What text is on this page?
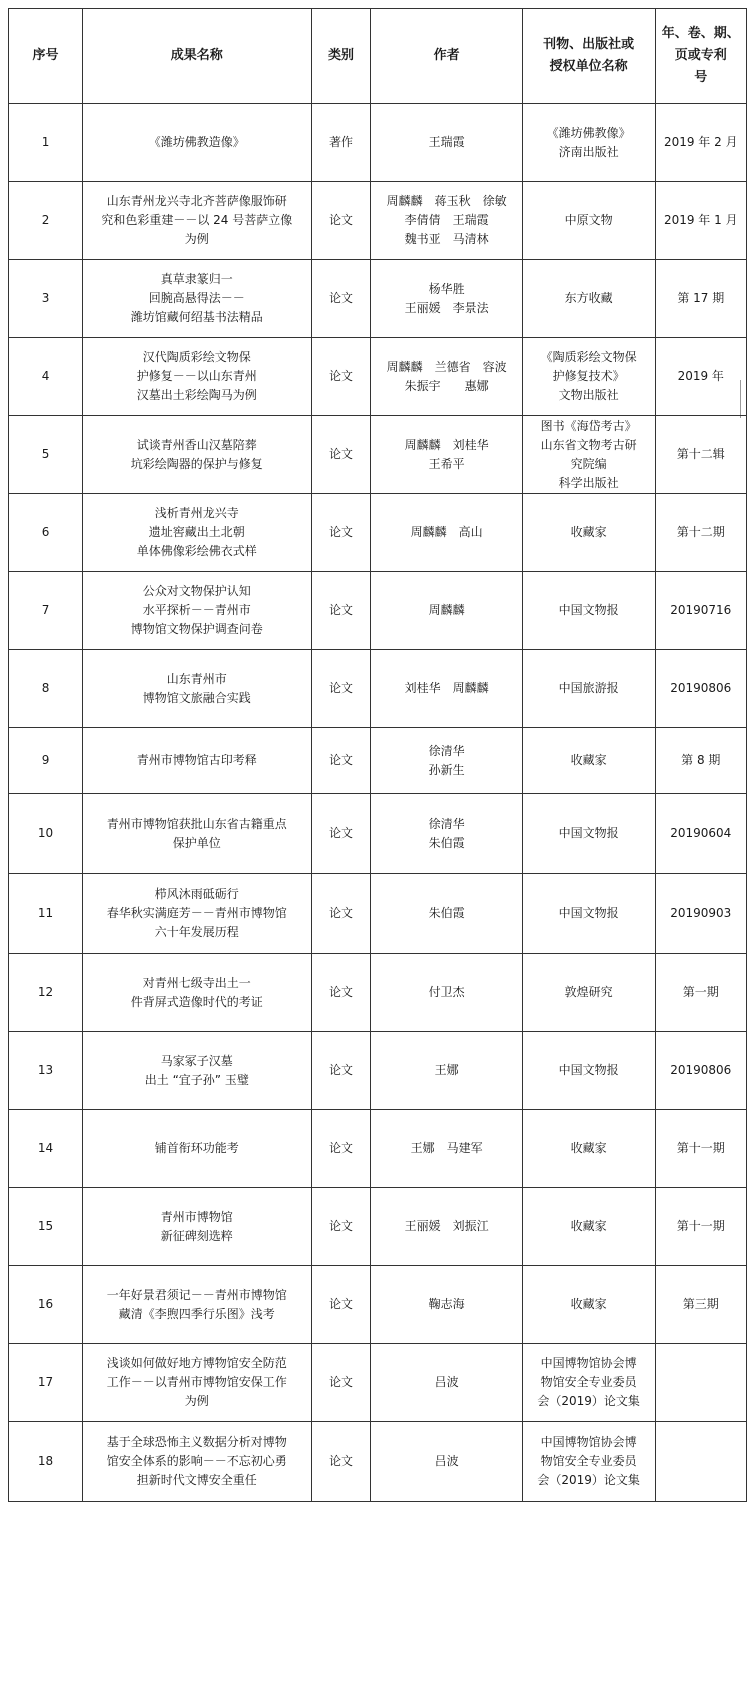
序号	成果名称	类别	作者	刊物、出版社或
授权单位名称	年、卷、期、
页或专利
号
1	《潍坊佛教造像》	著作	王瑞霞	《潍坊佛教像》
济南出版社	2019 年 2 月
2	山东青州龙兴寺北齐菩萨像服饰研
究和色彩重建－－以 24 号菩萨立像
为例	论文	周麟麟　蒋玉秋　徐敏
李倩倩　王瑞霞
魏书亚　马清林	中原文物	2019 年 1 月
3	真草隶篆归一
回腕高悬得法－－
潍坊馆藏何绍基书法精品	论文	杨华胜
王丽媛　李景法	东方收藏	第 17 期
4	汉代陶质彩绘文物保
护修复－－以山东青州
汉墓出土彩绘陶马为例	论文	周麟麟　兰德省　容波
朱振宇　　惠娜	《陶质彩绘文物保
护修复技术》
文物出版社	2019 年
5	试谈青州香山汉墓陪葬
坑彩绘陶器的保护与修复	论文	周麟麟　刘桂华
王希平	图书《海岱考古》
山东省文物考古研
究院编
科学出版社	第十二辑
6	浅析青州龙兴寺
遗址窖藏出土北朝
单体佛像彩绘佛衣式样	论文	周麟麟　高山	收藏家	第十二期
7	公众对文物保护认知
水平探析－－青州市
博物馆文物保护调查问卷	论文	周麟麟	中国文物报	20190716
8	山东青州市
博物馆文旅融合实践	论文	刘桂华　周麟麟	中国旅游报	20190806
9	青州市博物馆古印考释	论文	徐清华
孙新生	收藏家	第 8 期
10	青州市博物馆获批山东省古籍重点
保护单位	论文	徐清华
朱伯霞	中国文物报	20190604
11	栉风沐雨砥砺行
春华秋实满庭芳－－青州市博物馆
六十年发展历程	论文	朱伯霞	中国文物报	20190903
12	对青州七级寺出土一
件背屏式造像时代的考证	论文	付卫杰	敦煌研究	第一期
13	马家冢子汉墓
出土 “宜子孙” 玉璧	论文	王娜	中国文物报	20190806
14	铺首衔环功能考	论文	王娜　马建军	收藏家	第十一期
15	青州市博物馆
新征碑刻选粹	论文	王丽媛　刘振江	收藏家	第十一期
16	一年好景君须记－－青州市博物馆
藏清《李煦四季行乐图》浅考	论文	鞠志海	收藏家	第三期
17	浅谈如何做好地方博物馆安全防范
工作－－以青州市博物馆安保工作
为例	论文	吕波	中国博物馆协会博
物馆安全专业委员
会（2019）论文集	
18	基于全球恐怖主义数据分析对博物
馆安全体系的影响－－不忘初心勇
担新时代文博安全重任	论文	吕波	中国博物馆协会博
物馆安全专业委员
会（2019）论文集	
